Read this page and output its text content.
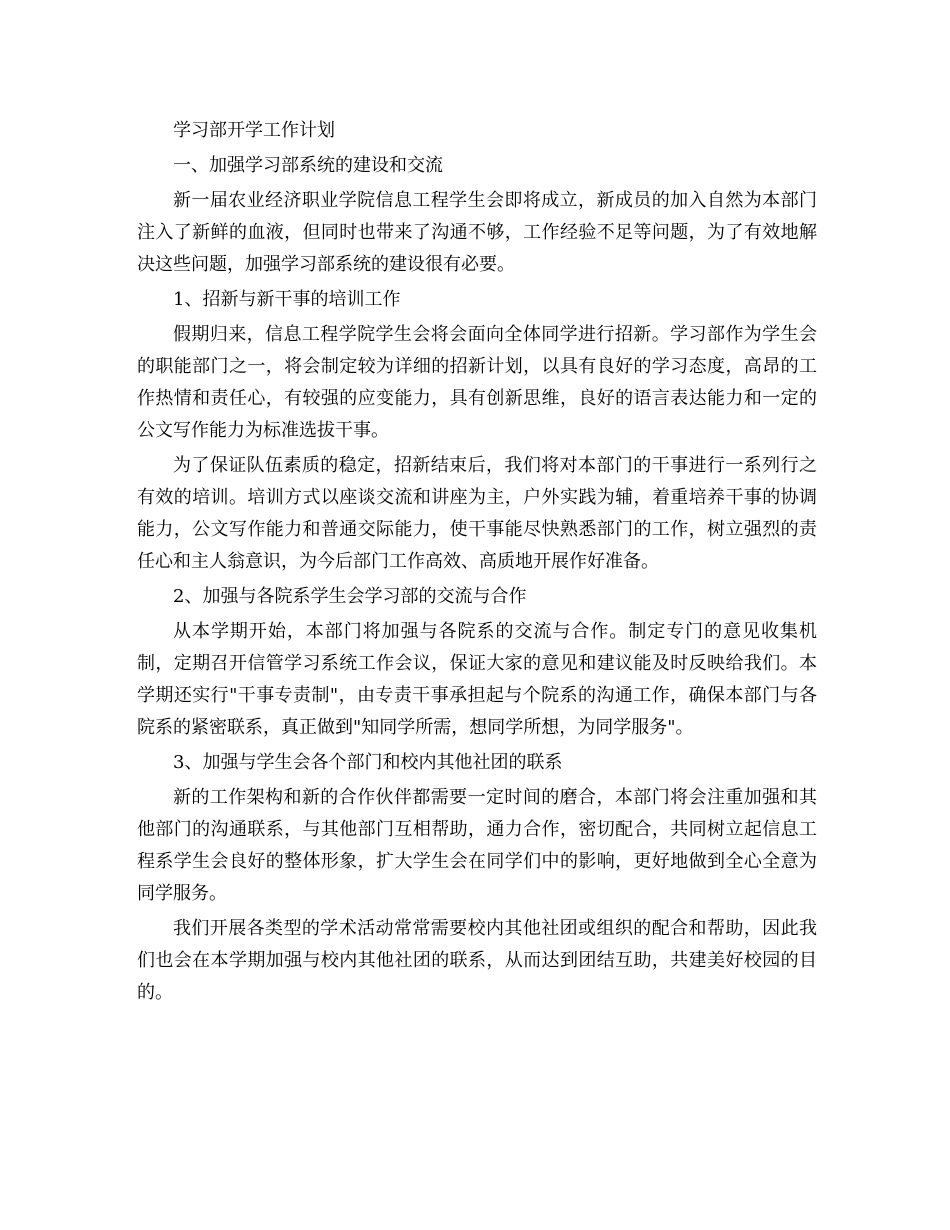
学习部开学工作计划

一、加强学习部系统的建设和交流

新一届农业经济职业学院信息工程学生会即将成立，新成员的加入自然为本部门注入了新鲜的血液，但同时也带来了沟通不够，工作经验不足等问题，为了有效地解决这些问题，加强学习部系统的建设很有必要。

1、招新与新干事的培训工作

假期归来，信息工程学院学生会将会面向全体同学进行招新。学习部作为学生会的职能部门之一，将会制定较为详细的招新计划，以具有良好的学习态度，高昂的工作热情和责任心，有较强的应变能力，具有创新思维，良好的语言表达能力和一定的公文写作能力为标准选拔干事。

为了保证队伍素质的稳定，招新结束后，我们将对本部门的干事进行一系列行之有效的培训。培训方式以座谈交流和讲座为主，户外实践为辅，着重培养干事的协调能力，公文写作能力和普通交际能力，使干事能尽快熟悉部门的工作，树立强烈的责任心和主人翁意识，为今后部门工作高效、高质地开展作好准备。

2、加强与各院系学生会学习部的交流与合作

从本学期开始，本部门将加强与各院系的交流与合作。制定专门的意见收集机制，定期召开信管学习系统工作会议，保证大家的意见和建议能及时反映给我们。本学期还实行"干事专责制"，由专责干事承担起与个院系的沟通工作，确保本部门与各院系的紧密联系，真正做到"知同学所需，想同学所想，为同学服务"。

3、加强与学生会各个部门和校内其他社团的联系

新的工作架构和新的合作伙伴都需要一定时间的磨合，本部门将会注重加强和其他部门的沟通联系，与其他部门互相帮助，通力合作，密切配合，共同树立起信息工程系学生会良好的整体形象，扩大学生会在同学们中的影响，更好地做到全心全意为同学服务。

我们开展各类型的学术活动常常需要校内其他社团或组织的配合和帮助，因此我们也会在本学期加强与校内其他社团的联系，从而达到团结互助，共建美好校园的目的。
